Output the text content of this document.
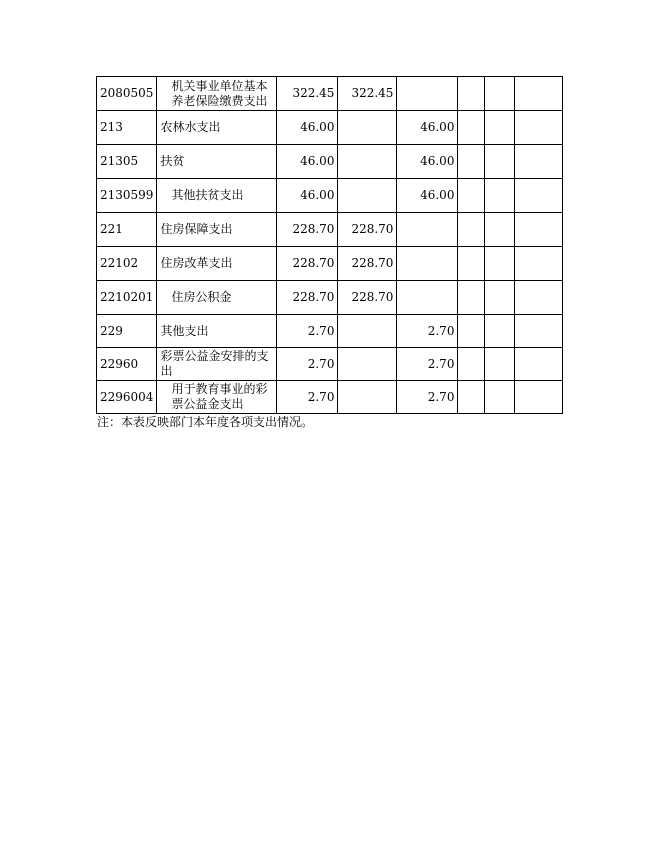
2080505	机关事业单位基本养老保险缴费支出	322.45	322.45				
213	农林水支出	46.00		46.00			
21305	扶贫	46.00		46.00			
2130599	其他扶贫支出	46.00		46.00			
221	住房保障支出	228.70	228.70				
22102	住房改革支出	228.70	228.70				
2210201	住房公积金	228.70	228.70				
229	其他支出	2.70		2.70			
22960	彩票公益金安排的支出	2.70		2.70			
2296004	用于教育事业的彩票公益金支出	2.70		2.70			
注：本表反映部门本年度各项支出情况。
